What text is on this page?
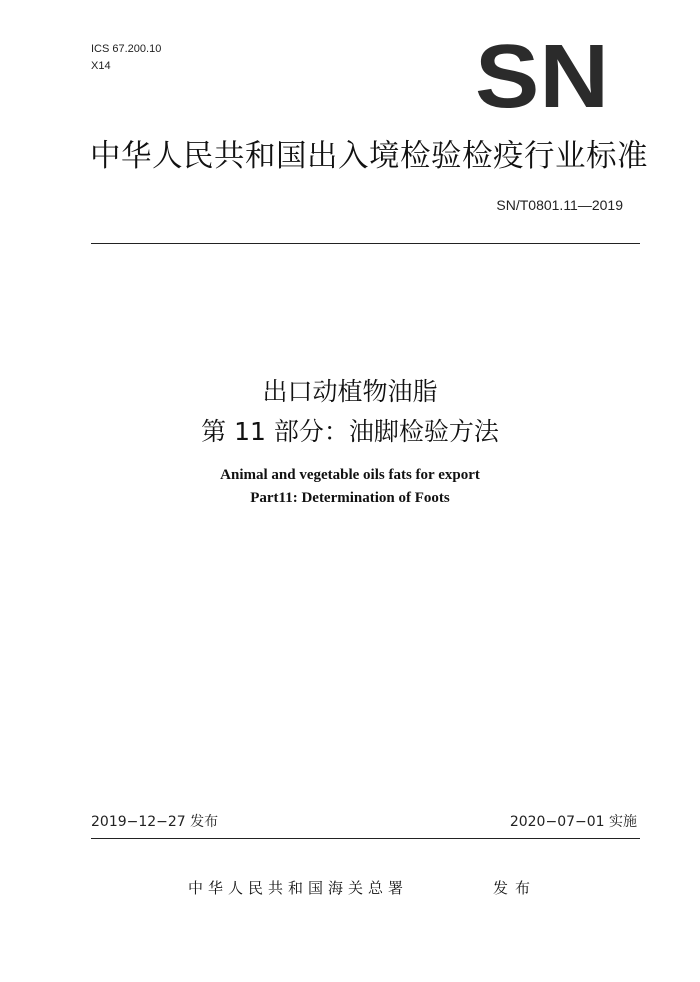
ICS 67.200.10
X14	SN
中华人民共和国出入境检验检疫行业标准
SN/T0801.11—2019
出口动植物油脂
第 11 部分：油脚检验方法
Animal and vegetable oils fats for export
Part11: Determination of Foots
2019−12−27 发布	2020−07−01 实施
中华人民共和国海关总署	发布
